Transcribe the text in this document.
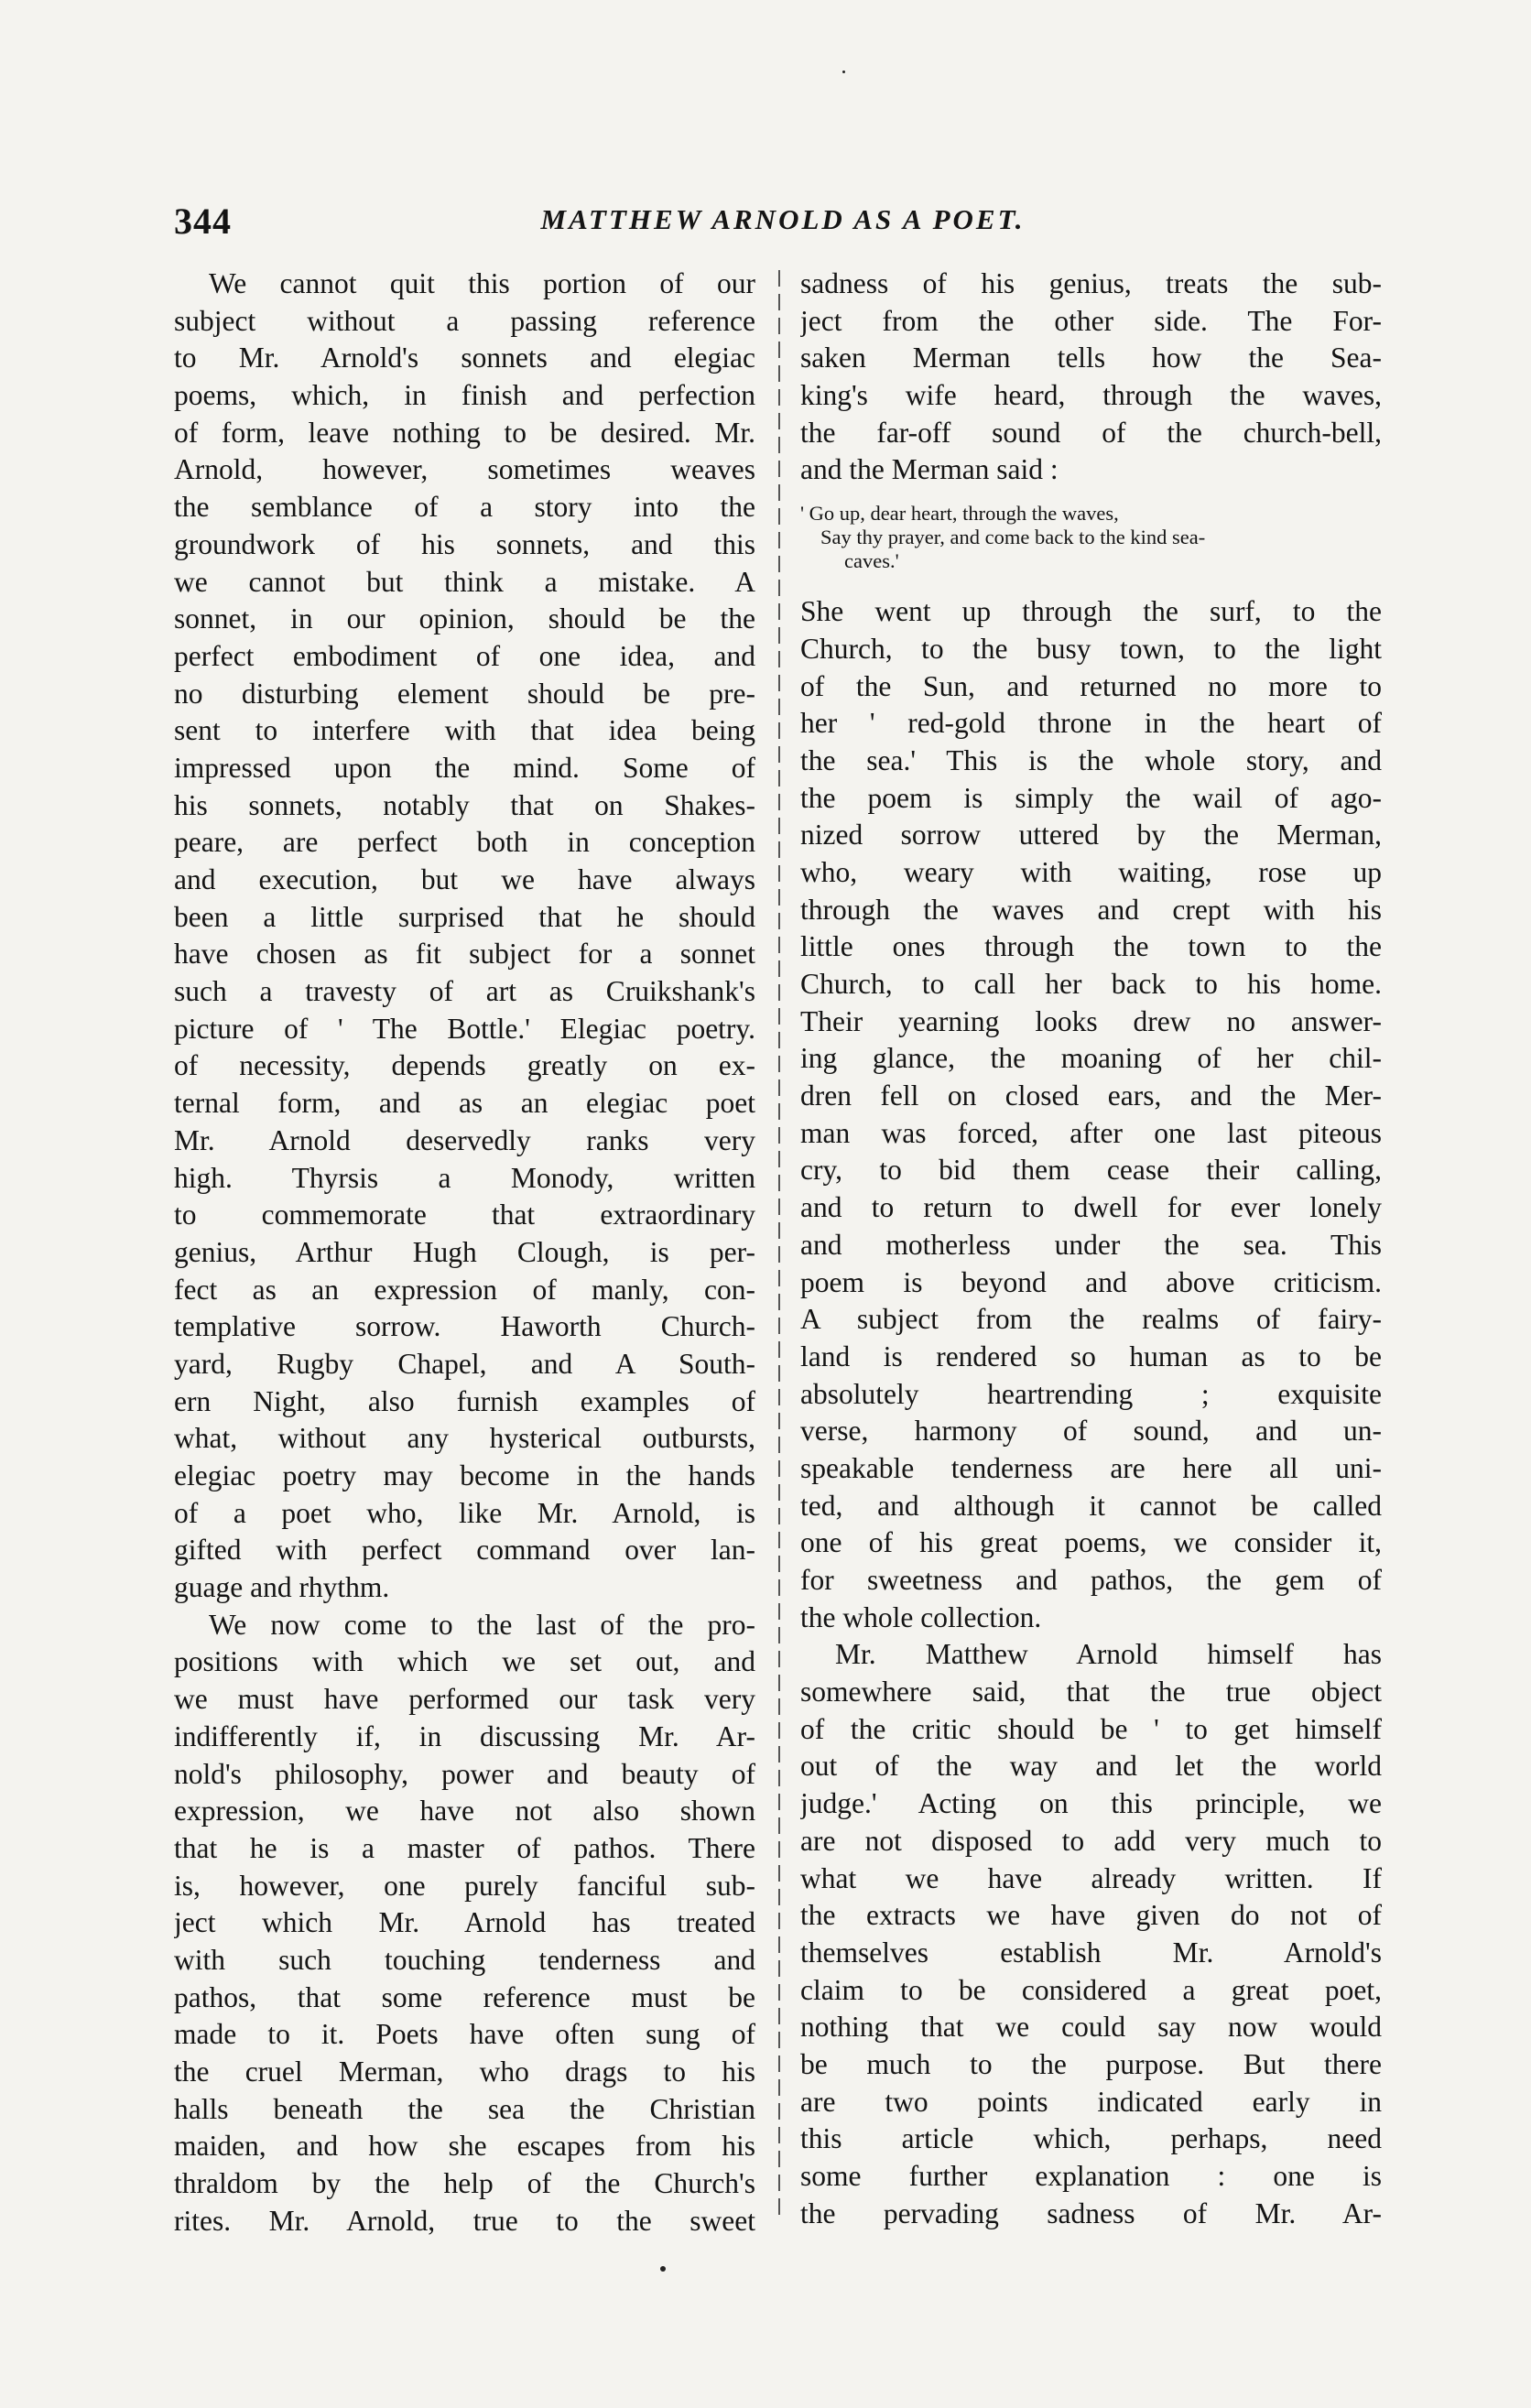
344	MATTHEW ARNOLD AS A POET.

We cannot quit this portion of our

subject without a passing reference

to Mr. Arnold's sonnets and elegiac

poems, which, in finish and perfection

of form, leave nothing to be desired. Mr.

Arnold, however, sometimes weaves

the semblance of a story into the

groundwork of his sonnets, and this

we cannot but think a mistake. A

sonnet, in our opinion, should be the

perfect embodiment of one idea, and

no disturbing element should be pre-

sent to interfere with that idea being

impressed upon the mind. Some of

his sonnets, notably that on Shakes-

peare, are perfect both in conception

and execution, but we have always

been a little surprised that he should

have chosen as fit subject for a sonnet

such a travesty of art as Cruikshank's

picture of ' The Bottle.' Elegiac poetry.

of necessity, depends greatly on ex-

ternal form, and as an elegiac poet

Mr. Arnold deservedly ranks very

high. Thyrsis a Monody, written

to commemorate that extraordinary

genius, Arthur Hugh Clough, is per-

fect as an expression of manly, con-

templative sorrow. Haworth Church-

yard, Rugby Chapel, and A South-

ern Night, also furnish examples of

what, without any hysterical outbursts,

elegiac poetry may become in the hands

of a poet who, like Mr. Arnold, is

gifted with perfect command over lan-

guage and rhythm.

We now come to the last of the pro-

positions with which we set out, and

we must have performed our task very

indifferently if, in discussing Mr. Ar-

nold's philosophy, power and beauty of

expression, we have not also shown

that he is a master of pathos. There

is, however, one purely fanciful sub-

ject which Mr. Arnold has treated

with such touching tenderness and

pathos, that some reference must be

made to it. Poets have often sung of

the cruel Merman, who drags to his

halls beneath the sea the Christian

maiden, and how she escapes from his

thraldom by the help of the Church's

rites. Mr. Arnold, true to the sweet

sadness of his genius, treats the sub-

ject from the other side. The For-

saken Merman tells how the Sea-

king's wife heard, through the waves,

the far-off sound of the church-bell,

and the Merman said :

' Go up, dear heart, through the waves,
Say thy prayer, and come back to the kind sea-
caves.'

She went up through the surf, to the

Church, to the busy town, to the light

of the Sun, and returned no more to

her ' red-gold throne in the heart of

the sea.' This is the whole story, and

the poem is simply the wail of ago-

nized sorrow uttered by the Merman,

who, weary with waiting, rose up

through the waves and crept with his

little ones through the town to the

Church, to call her back to his home.

Their yearning looks drew no answer-

ing glance, the moaning of her chil-

dren fell on closed ears, and the Mer-

man was forced, after one last piteous

cry, to bid them cease their calling,

and to return to dwell for ever lonely

and motherless under the sea. This

poem is beyond and above criticism.

A subject from the realms of fairy-

land is rendered so human as to be

absolutely heartrending ; exquisite

verse, harmony of sound, and un-

speakable tenderness are here all uni-

ted, and although it cannot be called

one of his great poems, we consider it,

for sweetness and pathos, the gem of

the whole collection.

Mr. Matthew Arnold himself has

somewhere said, that the true object

of the critic should be ' to get himself

out of the way and let the world

judge.' Acting on this principle, we

are not disposed to add very much to

what we have already written. If

the extracts we have given do not of

themselves establish Mr. Arnold's

claim to be considered a great poet,

nothing that we could say now would

be much to the purpose. But there

are two points indicated early in

this article which, perhaps, need

some further explanation : one is

the pervading sadness of Mr. Ar-
